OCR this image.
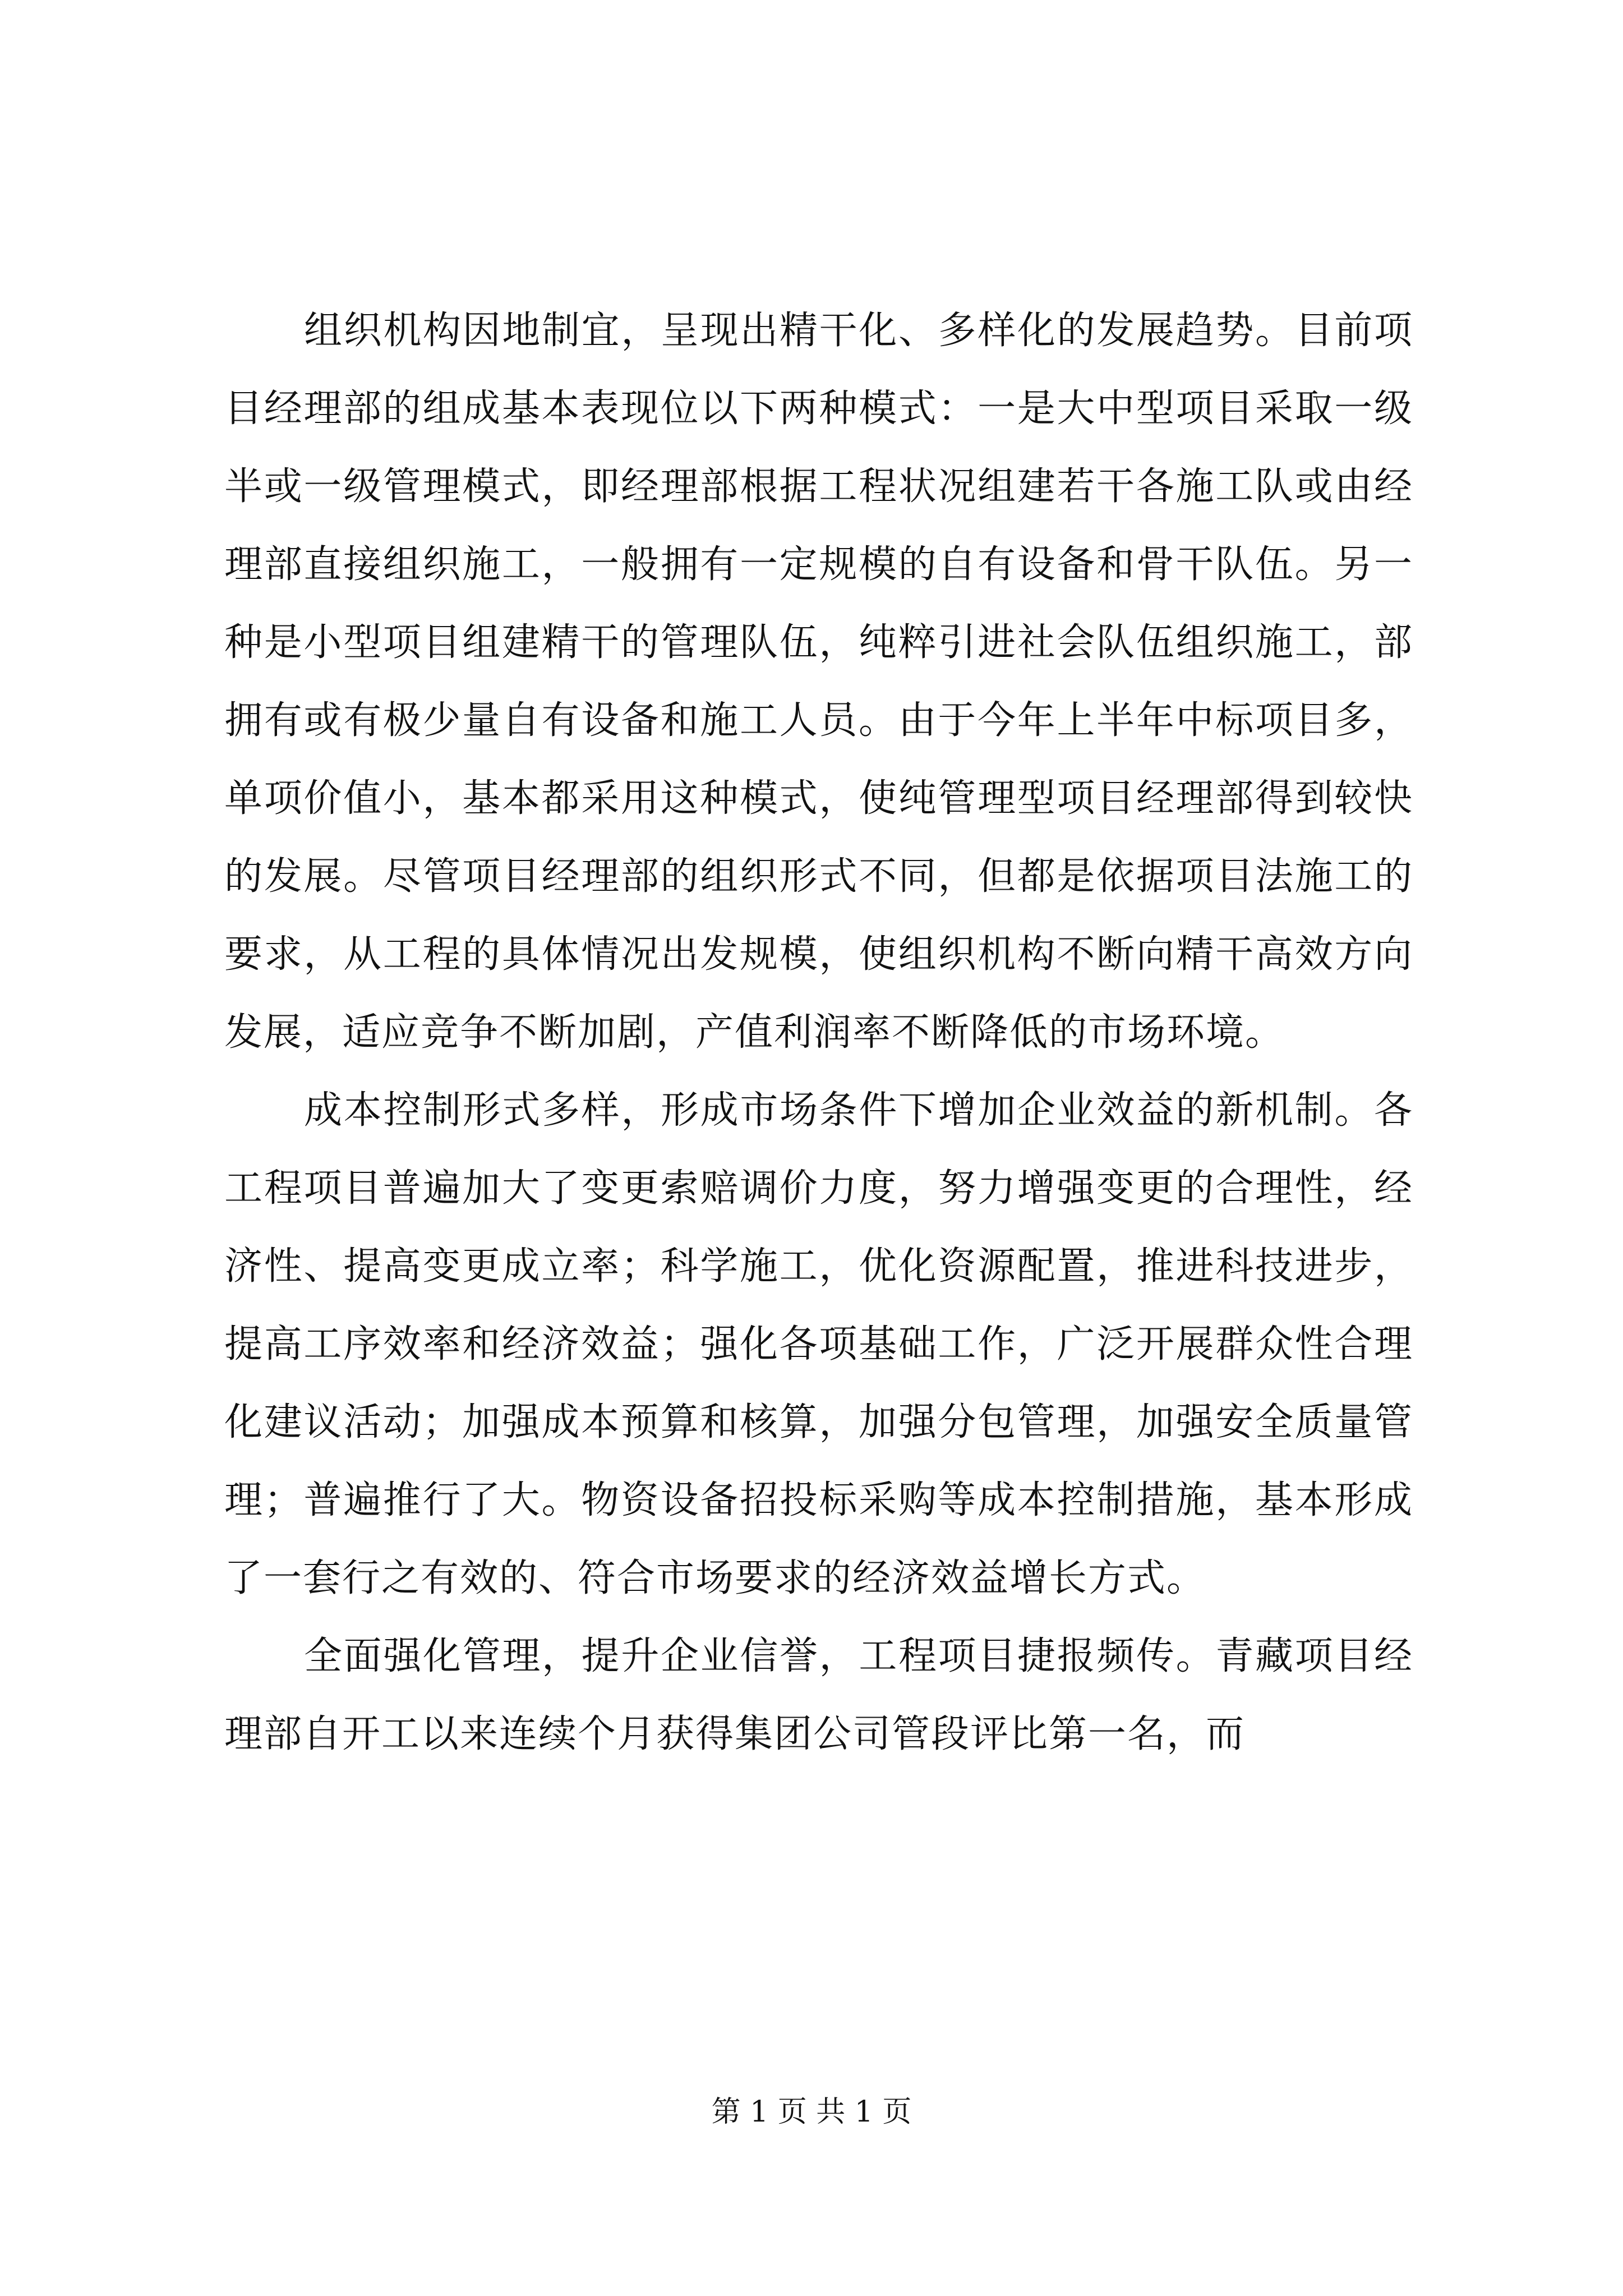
组织机构因地制宜，呈现出精干化、多样化的发展趋势。目前项目经理部的组成基本表现位以下两种模式：一是大中型项目采取一级半或一级管理模式，即经理部根据工程状况组建若干各施工队或由经理部直接组织施工，一般拥有一定规模的自有设备和骨干队伍。另一种是小型项目组建精干的管理队伍，纯粹引进社会队伍组织施工，部拥有或有极少量自有设备和施工人员。由于今年上半年中标项目多，单项价值小，基本都采用这种模式，使纯管理型项目经理部得到较快的发展。尽管项目经理部的组织形式不同，但都是依据项目法施工的要求，从工程的具体情况出发规模，使组织机构不断向精干高效方向发展，适应竞争不断加剧，产值利润率不断降低的市场环境。

成本控制形式多样，形成市场条件下增加企业效益的新机制。各工程项目普遍加大了变更索赔调价力度，努力增强变更的合理性，经济性、提高变更成立率；科学施工，优化资源配置，推进科技进步，提高工序效率和经济效益；强化各项基础工作，广泛开展群众性合理化建议活动；加强成本预算和核算，加强分包管理，加强安全质量管理；普遍推行了大。物资设备招投标采购等成本控制措施，基本形成了一套行之有效的、符合市场要求的经济效益增长方式。

全面强化管理，提升企业信誉，工程项目捷报频传。青藏项目经理部自开工以来连续个月获得集团公司管段评比第一名，而

第 1 页 共 1 页
